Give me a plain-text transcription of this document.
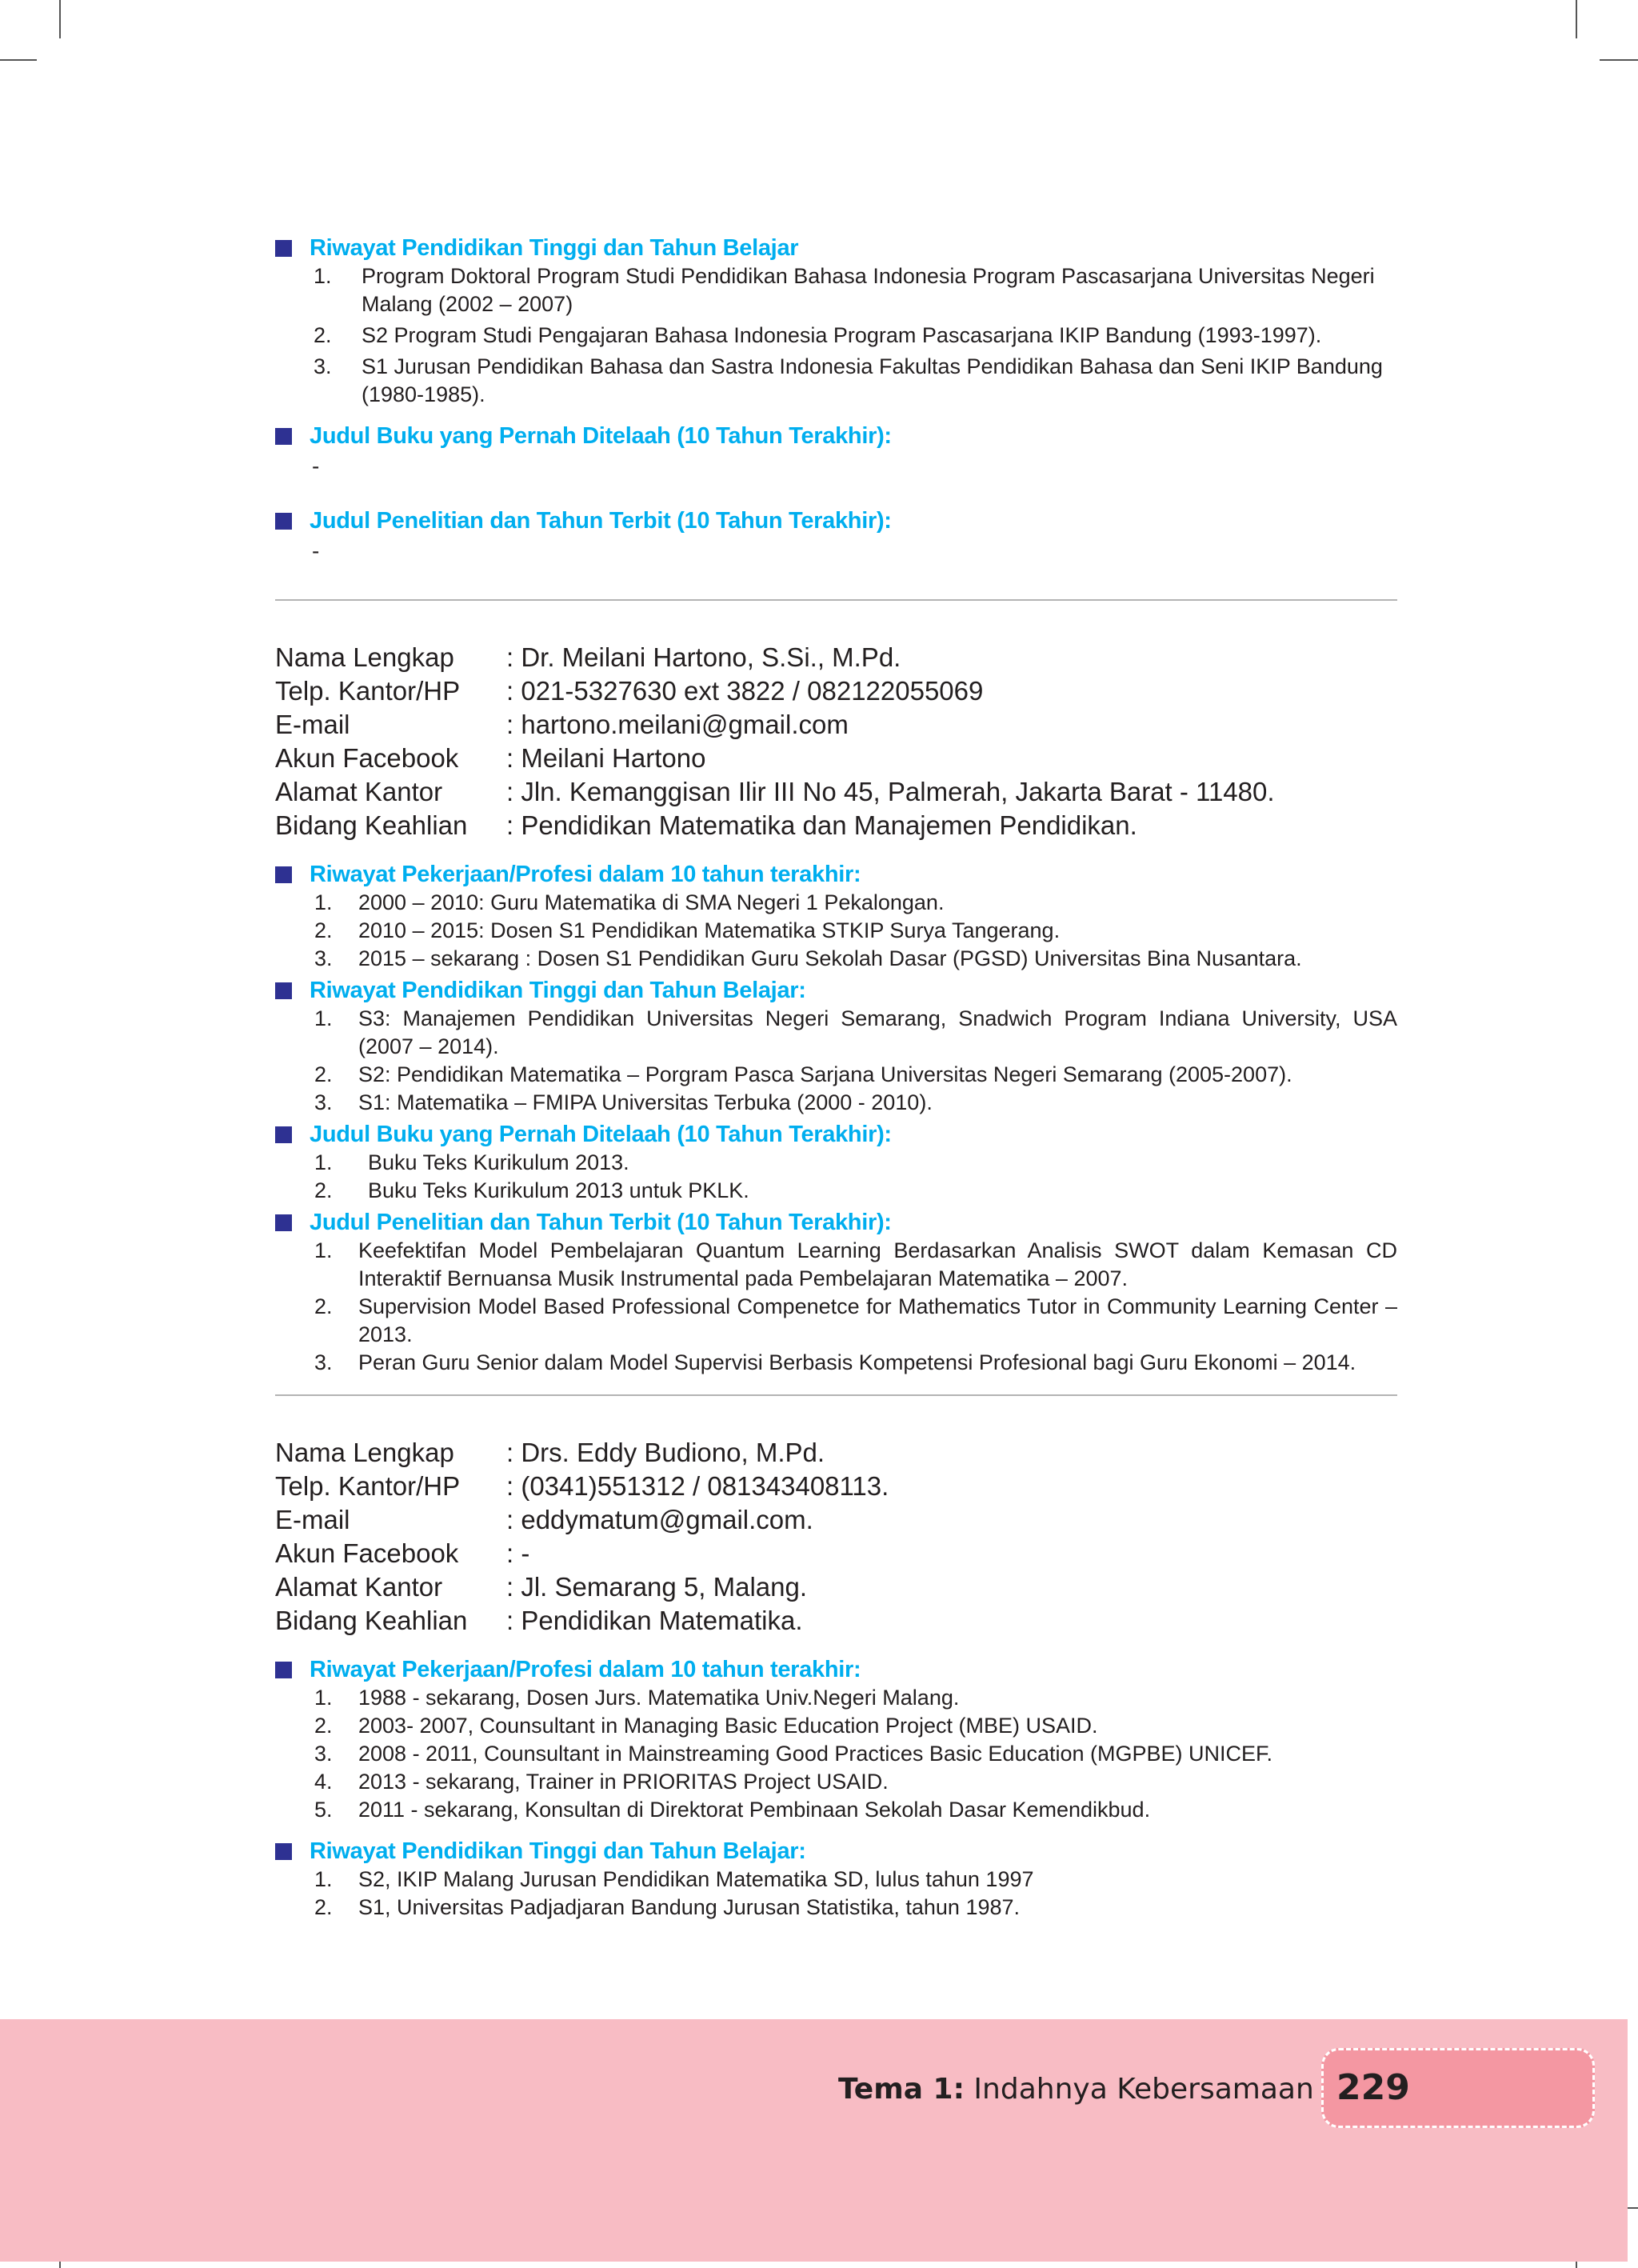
Riwayat Pendidikan Tinggi dan Tahun Belajar
1.	Program Doktoral Program Studi Pendidikan Bahasa Indonesia Program Pascasarjana Universitas Negeri Malang (2002 – 2007)
2.	S2 Program Studi Pengajaran Bahasa Indonesia Program Pascasarjana IKIP Bandung (1993-1997).
3.	S1 Jurusan Pendidikan Bahasa dan Sastra Indonesia Fakultas Pendidikan Bahasa dan Seni IKIP Bandung (1980-1985).
Judul Buku yang Pernah Ditelaah (10 Tahun Terakhir):
-
Judul Penelitian dan Tahun Terbit (10 Tahun Terakhir):
-
Nama Lengkap	: Dr. Meilani Hartono, S.Si., M.Pd.
Telp. Kantor/HP	: 021-5327630 ext 3822 / 082122055069
E-mail	: hartono.meilani@gmail.com
Akun Facebook	: Meilani Hartono
Alamat Kantor	: Jln. Kemanggisan Ilir III No 45, Palmerah, Jakarta Barat - 11480.
Bidang Keahlian	: Pendidikan Matematika dan Manajemen Pendidikan.
Riwayat Pekerjaan/Profesi dalam 10 tahun terakhir:
1.	2000 – 2010: Guru Matematika di SMA Negeri 1 Pekalongan.
2.	2010 – 2015: Dosen S1 Pendidikan Matematika STKIP Surya Tangerang.
3.	2015 – sekarang : Dosen S1 Pendidikan Guru Sekolah Dasar (PGSD) Universitas Bina Nusantara.
Riwayat Pendidikan Tinggi dan Tahun Belajar:
1.	S3: Manajemen Pendidikan Universitas Negeri Semarang, Snadwich Program Indiana University, USA (2007 – 2014).
2.	S2: Pendidikan Matematika – Porgram Pasca Sarjana Universitas Negeri Semarang (2005-2007).
3.	S1: Matematika – FMIPA Universitas Terbuka (2000 - 2010).
Judul Buku yang Pernah Ditelaah (10 Tahun Terakhir):
1.	Buku Teks Kurikulum 2013.
2.	Buku Teks Kurikulum 2013 untuk PKLK.
Judul Penelitian dan Tahun Terbit (10 Tahun Terakhir):
1.	Keefektifan Model Pembelajaran Quantum Learning Berdasarkan Analisis SWOT dalam Kemasan CD Interaktif Bernuansa Musik Instrumental pada Pembelajaran Matematika – 2007.
2.	Supervision Model Based Professional Compenetce for Mathematics Tutor in Community Learning Center – 2013.
3.	Peran Guru Senior dalam Model Supervisi Berbasis Kompetensi Profesional bagi Guru Ekonomi – 2014.
Nama Lengkap	: Drs. Eddy Budiono, M.Pd.
Telp. Kantor/HP	: (0341)551312 / 081343408113.
E-mail	: eddymatum@gmail.com.
Akun Facebook	: -
Alamat Kantor	: Jl. Semarang 5, Malang.
Bidang Keahlian	: Pendidikan Matematika.
Riwayat Pekerjaan/Profesi dalam 10 tahun terakhir:
1.	1988 - sekarang, Dosen Jurs. Matematika Univ.Negeri Malang.
2.	2003- 2007, Counsultant in Managing Basic Education Project (MBE) USAID.
3.	2008 - 2011, Counsultant in Mainstreaming Good Practices Basic Education (MGPBE) UNICEF.
4.	2013 - sekarang, Trainer in PRIORITAS Project USAID.
5.	2011 - sekarang, Konsultan di Direktorat Pembinaan Sekolah Dasar Kemendikbud.
Riwayat Pendidikan Tinggi dan Tahun Belajar:
1.	S2, IKIP Malang Jurusan Pendidikan Matematika SD, lulus tahun 1997
2.	S1, Universitas Padjadjaran Bandung Jurusan Statistika, tahun 1987.
Tema 1: Indahnya Kebersamaan 229
